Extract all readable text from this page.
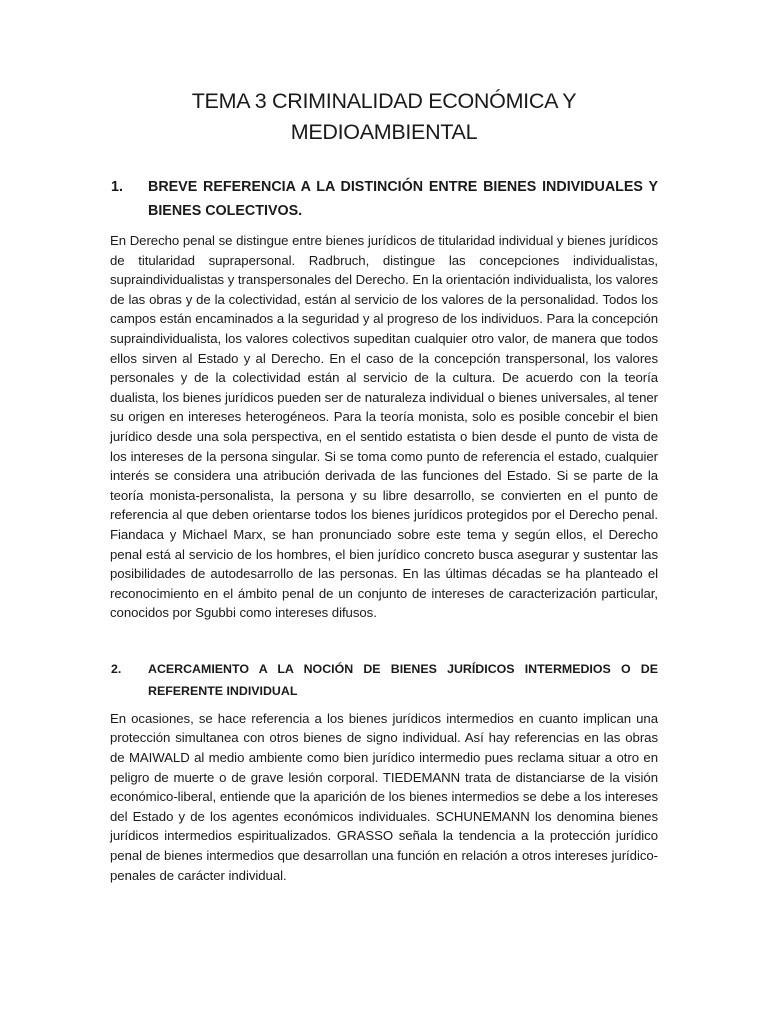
TEMA 3 CRIMINALIDAD ECONÓMICA Y MEDIOAMBIENTAL
1.	BREVE REFERENCIA A LA DISTINCIÓN ENTRE BIENES INDIVIDUALES Y BIENES COLECTIVOS.

En Derecho penal se distingue entre bienes jurídicos de titularidad individual y bienes jurídicos de titularidad suprapersonal. Radbruch, distingue las concepciones individualistas, supraindividualistas y transpersonales del Derecho. En la orientación individualista, los valores de las obras y de la colectividad, están al servicio de los valores de la personalidad. Todos los campos están encaminados a la seguridad y al progreso de los individuos. Para la concepción supraindividualista, los valores colectivos supeditan cualquier otro valor, de manera que todos ellos sirven al Estado y al Derecho. En el caso de la concepción transpersonal, los valores personales y de la colectividad están al servicio de la cultura. De acuerdo con la teoría dualista, los bienes jurídicos pueden ser de naturaleza individual o bienes universales, al tener su origen en intereses heterogéneos. Para la teoría monista, solo es posible concebir el bien jurídico desde una sola perspectiva, en el sentido estatista o bien desde el punto de vista de los intereses de la persona singular. Si se toma como punto de referencia el estado, cualquier interés se considera una atribución derivada de las funciones del Estado. Si se parte de la teoría monista-personalista, la persona y su libre desarrollo, se convierten en el punto de referencia al que deben orientarse todos los bienes jurídicos protegidos por el Derecho penal. Fiandaca y Michael Marx, se han pronunciado sobre este tema y según ellos, el Derecho penal está al servicio de los hombres, el bien jurídico concreto busca asegurar y sustentar las posibilidades de autodesarrollo de las personas. En las últimas décadas se ha planteado el reconocimiento en el ámbito penal de un conjunto de intereses de caracterización particular, conocidos por Sgubbi como intereses difusos.

2.	ACERCAMIENTO A LA NOCIÓN DE BIENES JURÍDICOS INTERMEDIOS O DE REFERENTE INDIVIDUAL

En ocasiones, se hace referencia a los bienes jurídicos intermedios en cuanto implican una protección simultanea con otros bienes de signo individual. Así hay referencias en las obras de MAIWALD al medio ambiente como bien jurídico intermedio pues reclama situar a otro en peligro de muerte o de grave lesión corporal. TIEDEMANN trata de distanciarse de la visión económico-liberal, entiende que la aparición de los bienes intermedios se debe a los intereses del Estado y de los agentes económicos individuales. SCHUNEMANN los denomina bienes jurídicos intermedios espiritualizados. GRASSO señala la tendencia a la protección jurídico penal de bienes intermedios que desarrollan una función en relación a otros intereses jurídico-penales de carácter individual.
